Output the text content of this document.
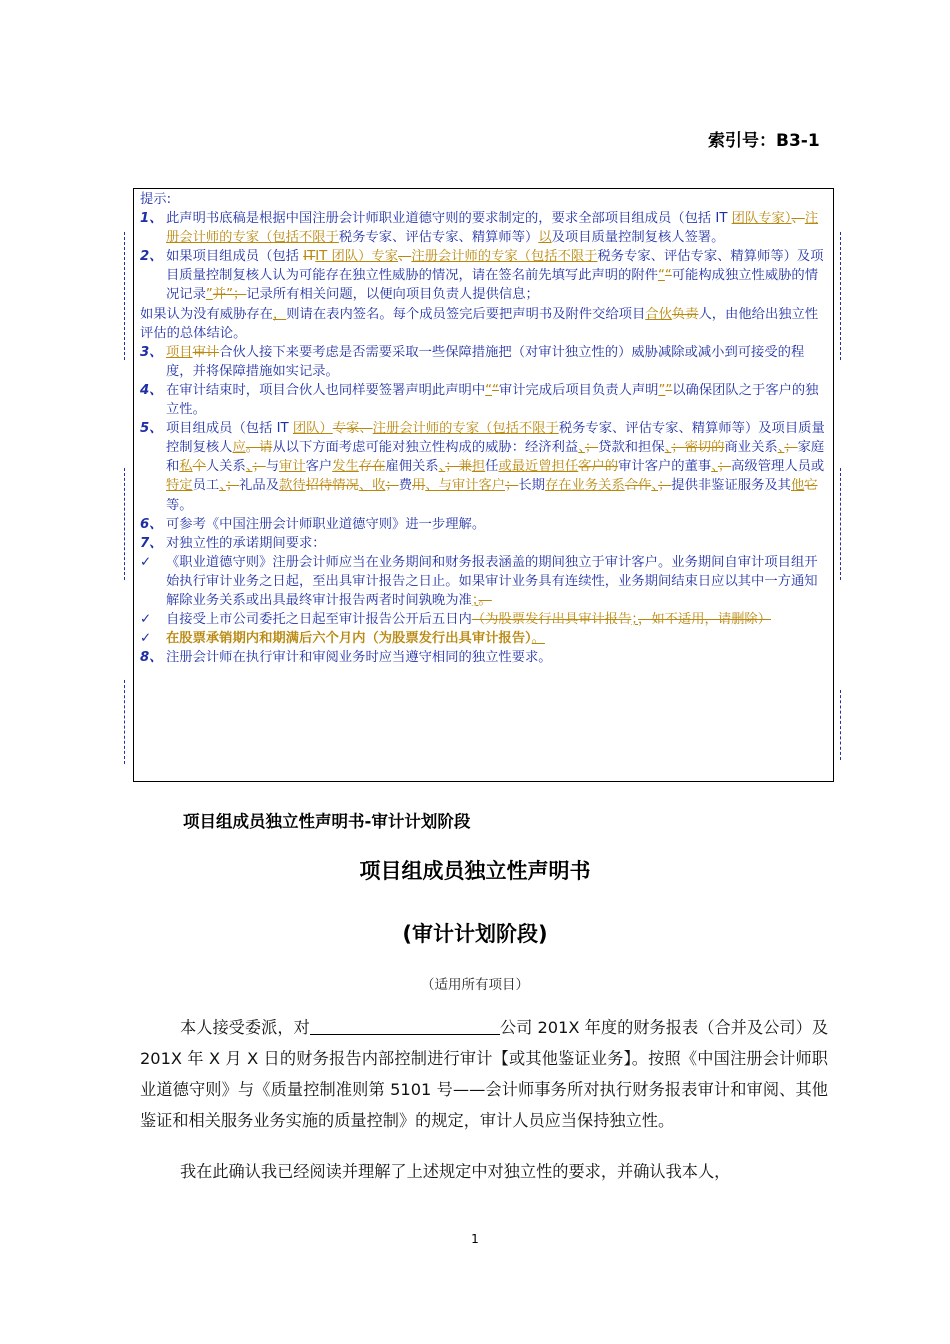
索引号：B3-1

提示:

1、 此声明书底稿是根据中国注册会计师职业道德守则的要求制定的，要求全部项目组成员（包括 IT 团队专家）、注册会计师的专家（包括不限于税务专家、评估专家、精算师等）以及项目质量控制复核人签署。

2、 如果项目组成员（包括 ITIT 团队）专家、注册会计师的专家（包括不限于税务专家、评估专家、精算师等）及项目质量控制复核人认为可能存在独立性威胁的情况，请在签名前先填写此声明的附件““可能构成独立性威胁的情况记录”并”；记录所有相关问题，以便向项目负责人提供信息；

如果认为没有威胁存在，则请在表内签名。每个成员签完后要把声明书及附件交给项目合伙负责人，由他给出独立性评估的总体结论。

3、 项目审计合伙人接下来要考虑是否需要采取一些保障措施把（对审计独立性的）威胁减除或减小到可接受的程度，并将保障措施如实记录。

4、 在审计结束时，项目合伙人也同样要签署声明此声明中““审计完成后项目负责人声明””以确保团队之于客户的独立性。

5、 项目组成员（包括 IT 团队）专家、注册会计师的专家（包括不限于税务专家、评估专家、精算师等）及项目质量控制复核人应。请从以下方面考虑可能对独立性构成的威胁：经济利益、；贷款和担保、；密切的商业关系、；家庭和私个人关系、；与审计客户发生存在雇佣关系、；兼担任或最近曾担任客户的审计客户的董事、；高级管理人员或特定员工、；礼品及款待招待情况、收；费用、与审计客户；长期存在业务关系合作、；提供非鉴证服务及其他它等。

6、 可参考《中国注册会计师职业道德守则》进一步理解。

7、 对独立性的承诺期间要求：

✓	《职业道德守则》注册会计师应当在业务期间和财务报表涵盖的期间独立于审计客户。业务期间自审计项目组开始执行审计业务之日起，至出具审计报告之日止。如果审计业务具有连续性，业务期间结束日应以其中一方通知解除业务关系或出具最终审计报告两者时间孰晚为准；。

✓	自接受上市公司委托之日起至审计报告公开后五日内（为股票发行出具审计报告；，如不适用，请删除）

✓	在股票承销期内和期满后六个月内（为股票发行出具审计报告）。

8、 注册会计师在执行审计和审阅业务时应当遵守相同的独立性要求。

项目组成员独立性声明书-审计计划阶段
项目组成员独立性声明书
(审计计划阶段)
（适用所有项目）

本人接受委派，对	公司 201X 年度的财务报表（合并及公司）及 201X 年 X 月 X 日的财务报告内部控制进行审计【或其他鉴证业务】。按照《中国注册会计师职业道德守则》与《质量控制准则第 5101 号——会计师事务所对执行财务报表审计和审阅、其他鉴证和相关服务业务实施的质量控制》的规定，审计人员应当保持独立性。

我在此确认我已经阅读并理解了上述规定中对独立性的要求，并确认我本人，

1
